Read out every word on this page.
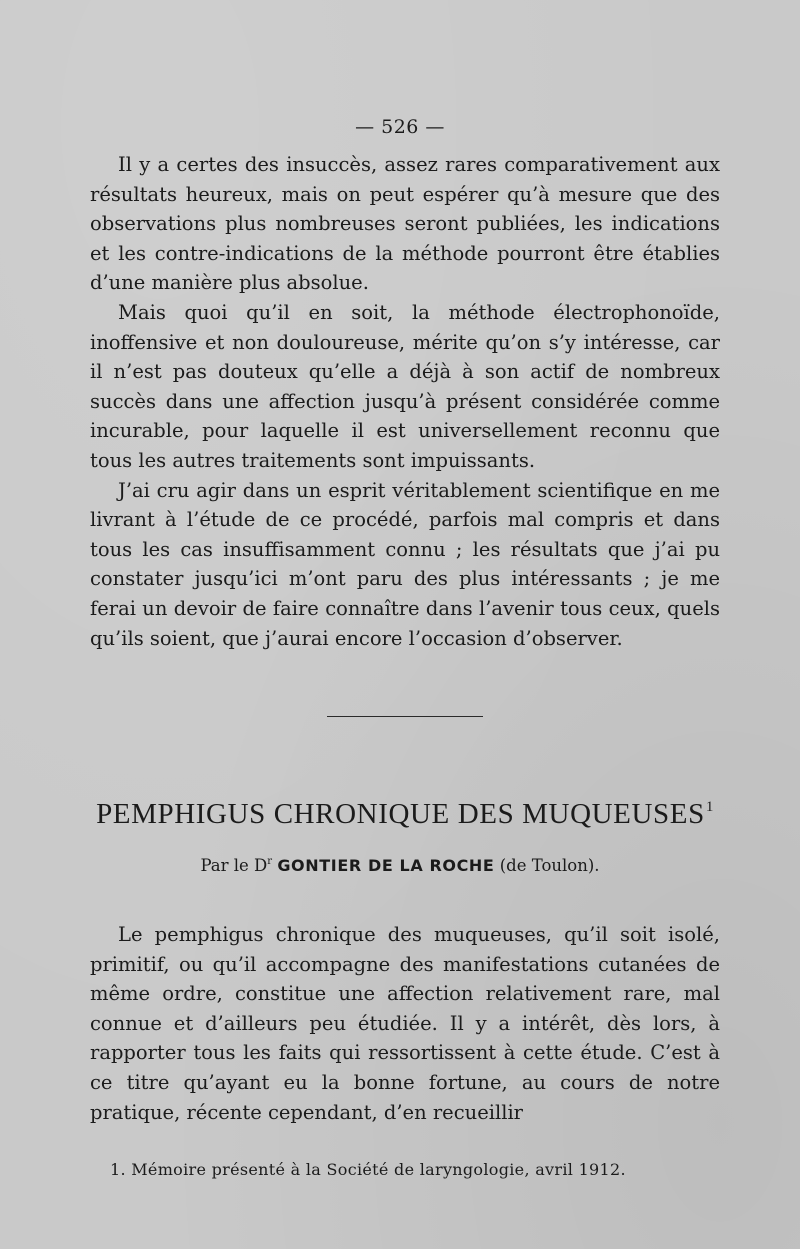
— 526 —

Il y a certes des insuccès, assez rares comparativement aux résultats heureux, mais on peut espérer qu’à mesure que des observations plus nombreuses seront publiées, les indications et les contre-indications de la méthode pourront être établies d’une manière plus absolue.

Mais quoi qu’il en soit, la méthode électrophonoïde, inoffensive et non douloureuse, mérite qu’on s’y intéresse, car il n’est pas douteux qu’elle a déjà à son actif de nombreux succès dans une affection jusqu’à présent considérée comme incurable, pour laquelle il est universellement reconnu que tous les autres traitements sont impuissants.

J’ai cru agir dans un esprit véritablement scientifique en me livrant à l’étude de ce procédé, parfois mal compris et dans tous les cas insuffisamment connu ; les résultats que j’ai pu constater jusqu’ici m’ont paru des plus intéressants ; je me ferai un devoir de faire connaître dans l’avenir tous ceux, quels qu’ils soient, que j’aurai encore l’occasion d’observer.

PEMPHIGUS CHRONIQUE DES MUQUEUSES$^1$
Par le $D^r$ GONTIER DE LA ROCHE (de Toulon).

Le pemphigus chronique des muqueuses, qu’il soit isolé, primitif, ou qu’il accompagne des manifestations cutanées de même ordre, constitue une affection relativement rare, mal connue et d’ailleurs peu étudiée. Il y a intérêt, dès lors, à rapporter tous les faits qui ressortissent à cette étude. C’est à ce titre qu’ayant eu la bonne fortune, au cours de notre pratique, récente cependant, d’en recueillir

1. Mémoire présenté à la Société de laryngologie, avril 1912.
